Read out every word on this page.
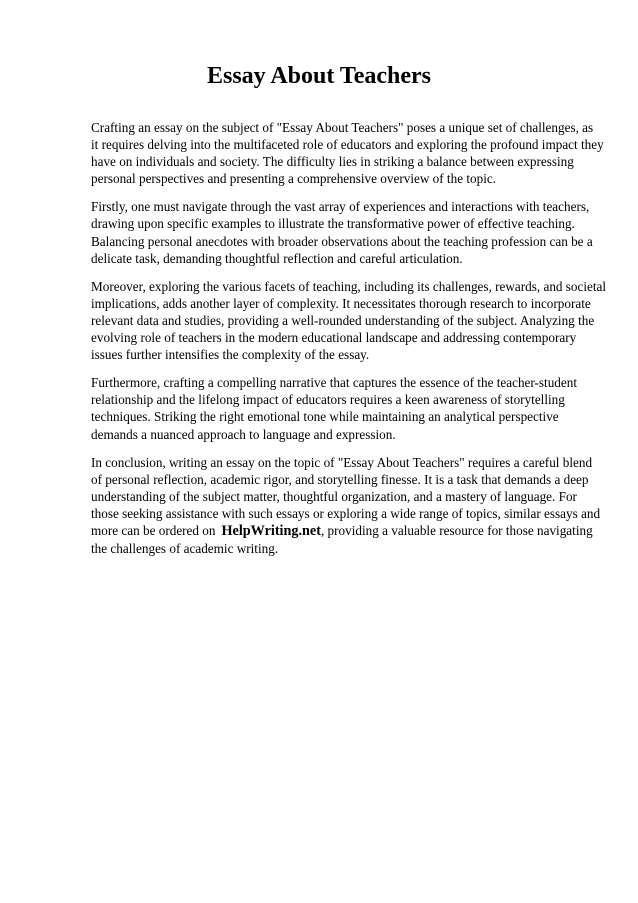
Essay About Teachers

Crafting an essay on the subject of "Essay About Teachers" poses a unique set of challenges, as
it requires delving into the multifaceted role of educators and exploring the profound impact they
have on individuals and society. The difficulty lies in striking a balance between expressing
personal perspectives and presenting a comprehensive overview of the topic.

Firstly, one must navigate through the vast array of experiences and interactions with teachers,
drawing upon specific examples to illustrate the transformative power of effective teaching.
Balancing personal anecdotes with broader observations about the teaching profession can be a
delicate task, demanding thoughtful reflection and careful articulation.

Moreover, exploring the various facets of teaching, including its challenges, rewards, and societal
implications, adds another layer of complexity. It necessitates thorough research to incorporate
relevant data and studies, providing a well-rounded understanding of the subject. Analyzing the
evolving role of teachers in the modern educational landscape and addressing contemporary
issues further intensifies the complexity of the essay.

Furthermore, crafting a compelling narrative that captures the essence of the teacher-student
relationship and the lifelong impact of educators requires a keen awareness of storytelling
techniques. Striking the right emotional tone while maintaining an analytical perspective
demands a nuanced approach to language and expression.

In conclusion, writing an essay on the topic of "Essay About Teachers" requires a careful blend
of personal reflection, academic rigor, and storytelling finesse. It is a task that demands a deep
understanding of the subject matter, thoughtful organization, and a mastery of language. For
those seeking assistance with such essays or exploring a wide range of topics, similar essays and
more can be ordered on HelpWriting.net, providing a valuable resource for those navigating
the challenges of academic writing.
